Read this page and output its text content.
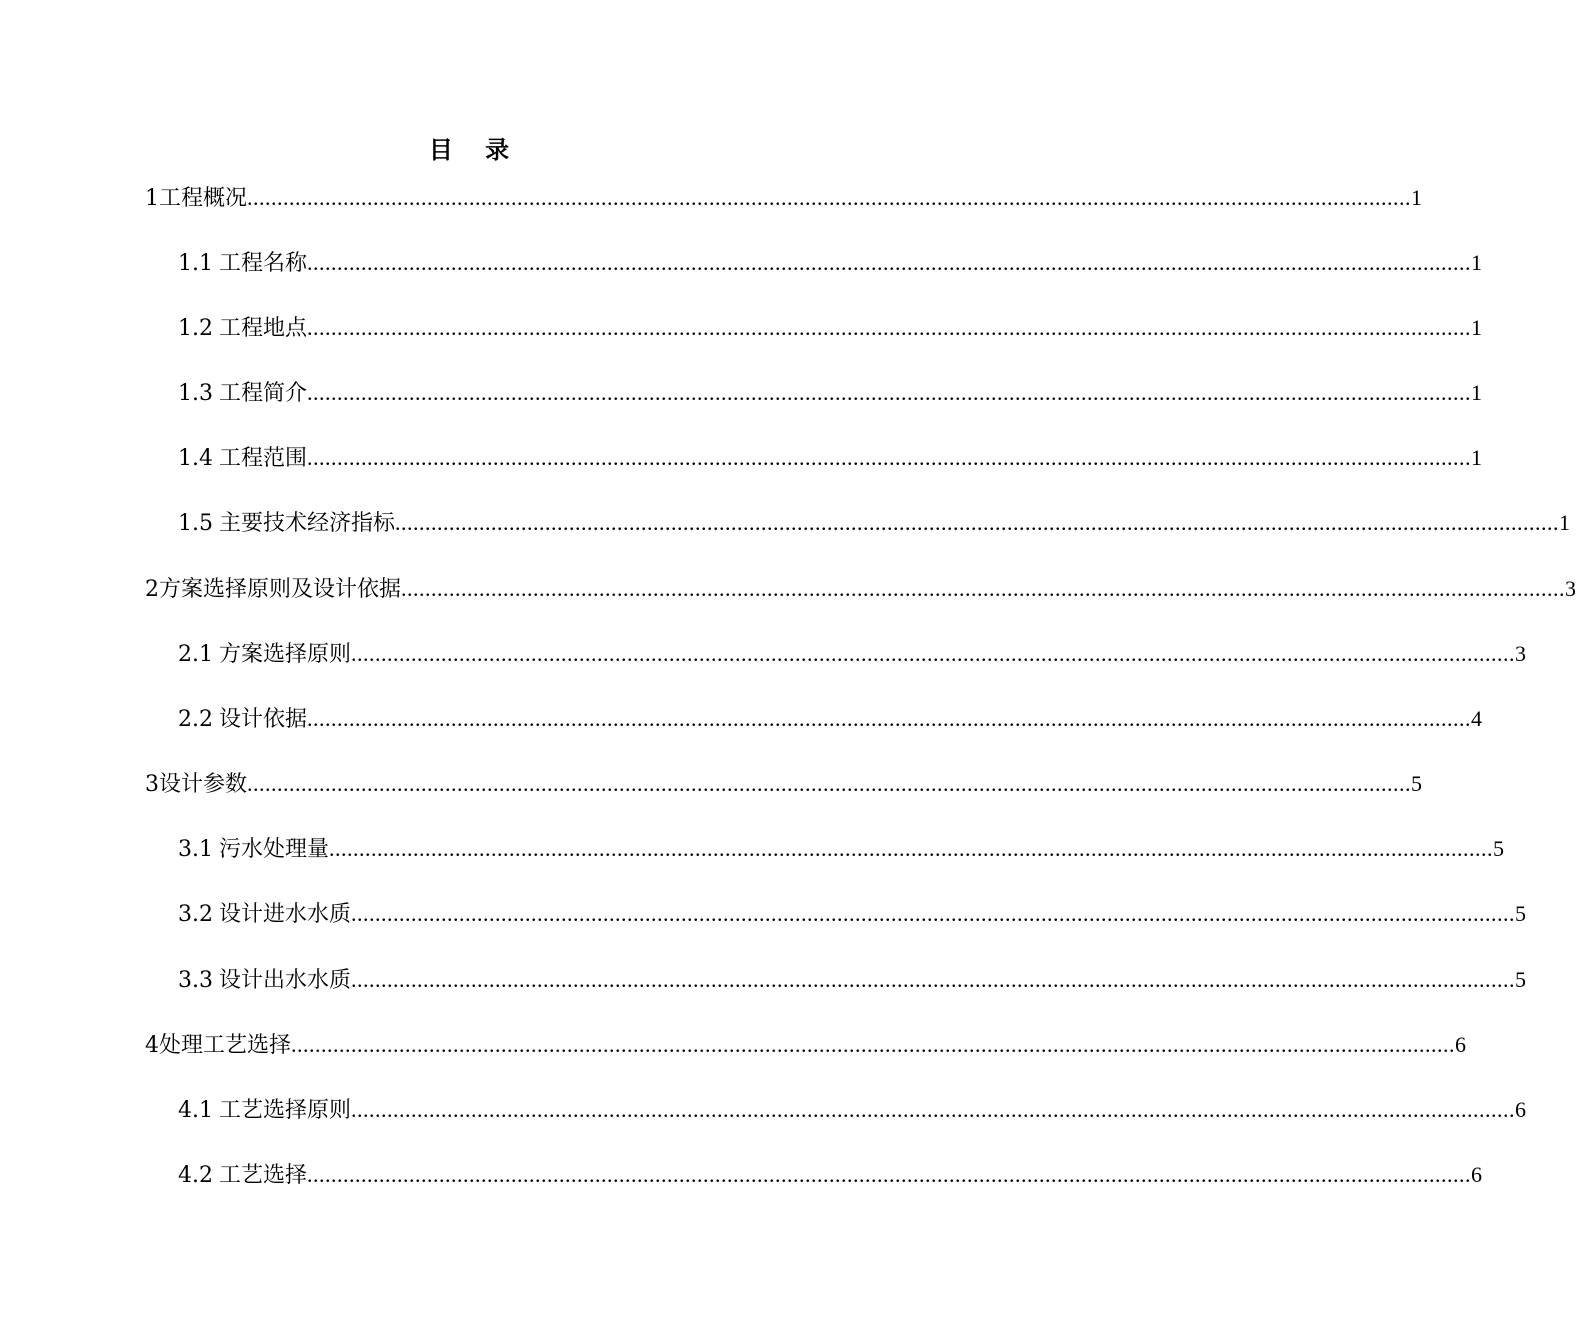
目 录
1 工程概况 .................................................................................................................................................................................................. 1
1.1 工程名称 .................................................................................................................................................................................................. 1
1.2 工程地点 .................................................................................................................................................................................................. 1
1.3 工程简介 .................................................................................................................................................................................................. 1
1.4 工程范围 .................................................................................................................................................................................................. 1
1.5 主要技术经济指标 .................................................................................................................................................................................................. 1
2 方案选择原则及设计依据 .................................................................................................................................................................................................. 3
2.1 方案选择原则 .................................................................................................................................................................................................. 3
2.2 设计依据 .................................................................................................................................................................................................. 4
3 设计参数 .................................................................................................................................................................................................. 5
3.1 污水处理量 .................................................................................................................................................................................................. 5
3.2 设计进水水质 .................................................................................................................................................................................................. 5
3.3 设计出水水质 .................................................................................................................................................................................................. 5
4 处理工艺选择 .................................................................................................................................................................................................. 6
4.1 工艺选择原则 .................................................................................................................................................................................................. 6
4.2 工艺选择 .................................................................................................................................................................................................. 6
